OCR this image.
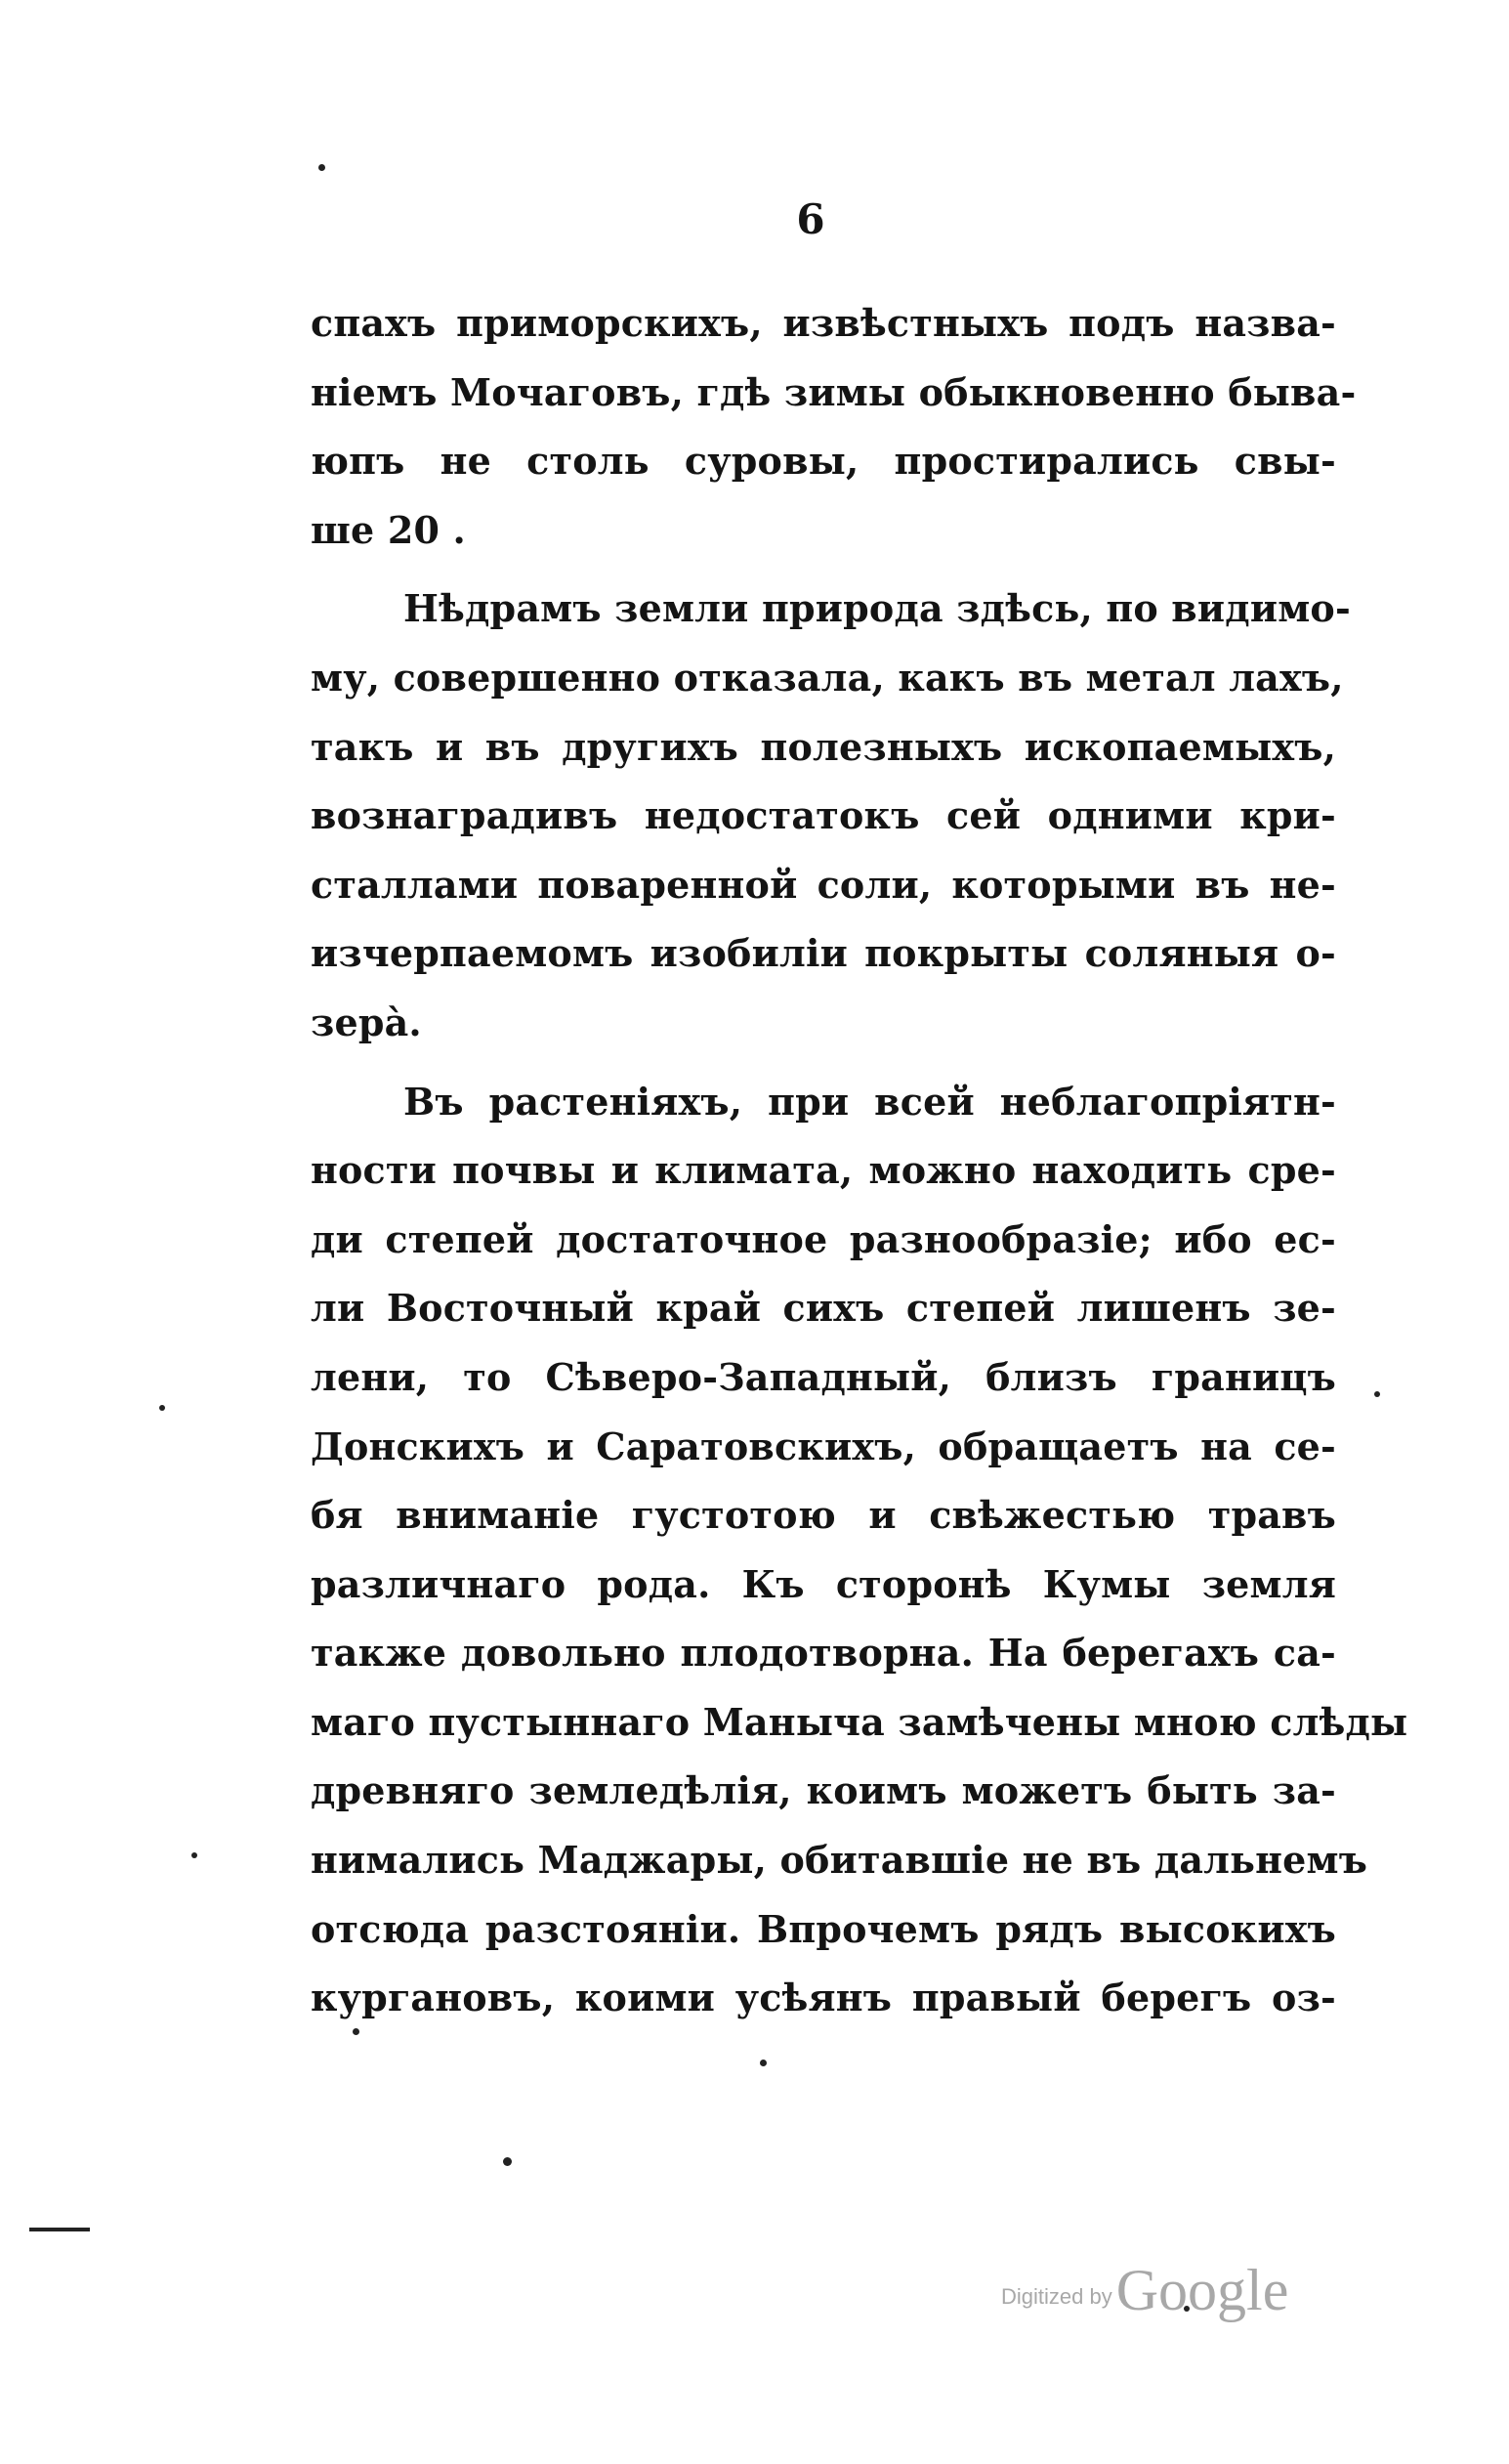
6
спахъ приморскихъ, извѣстныхъ подъ назва-
ніемъ Мочаговъ, гдѣ зимы обыкновенно быва-
юпъ не столь суровы, простирались свы-
ше 20 .
Нѣдрамъ земли природа здѣсь, по видимо-
му, совершенно отказала, какъ въ метал лахъ,
такъ и въ другихъ полезныхъ ископаемыхъ,
вознаградивъ недостатокъ сей одними кри-
сталлами поваренной соли, которыми въ не-
изчерпаемомъ изобиліи покрыты соляныя о-
зерà.
Въ растеніяхъ, при всей неблагопріятн-
ности почвы и климата, можно находить сре-
ди степей достаточное разнообразіе; ибо ес-
ли Восточный край сихъ степей лишенъ зе-
лени, то Сѣверо-Западный, близъ границъ
Донскихъ и Саратовскихъ, обращаетъ на се-
бя вниманіе густотою и свѣжестью травъ
различнаго рода. Къ сторонѣ Кумы земля
также довольно плодотворна. На берегахъ са-
маго пустыннаго Маныча замѣчены мною слѣды
древняго земледѣлія, коимъ можетъ быть за-
нимались Маджары, обитавшіе не въ дальнемъ
отсюда разстояніи. Впрочемъ рядъ высокихъ
кургановъ, коими усѣянъ правый берегъ оз-
Digitized byGoogle
